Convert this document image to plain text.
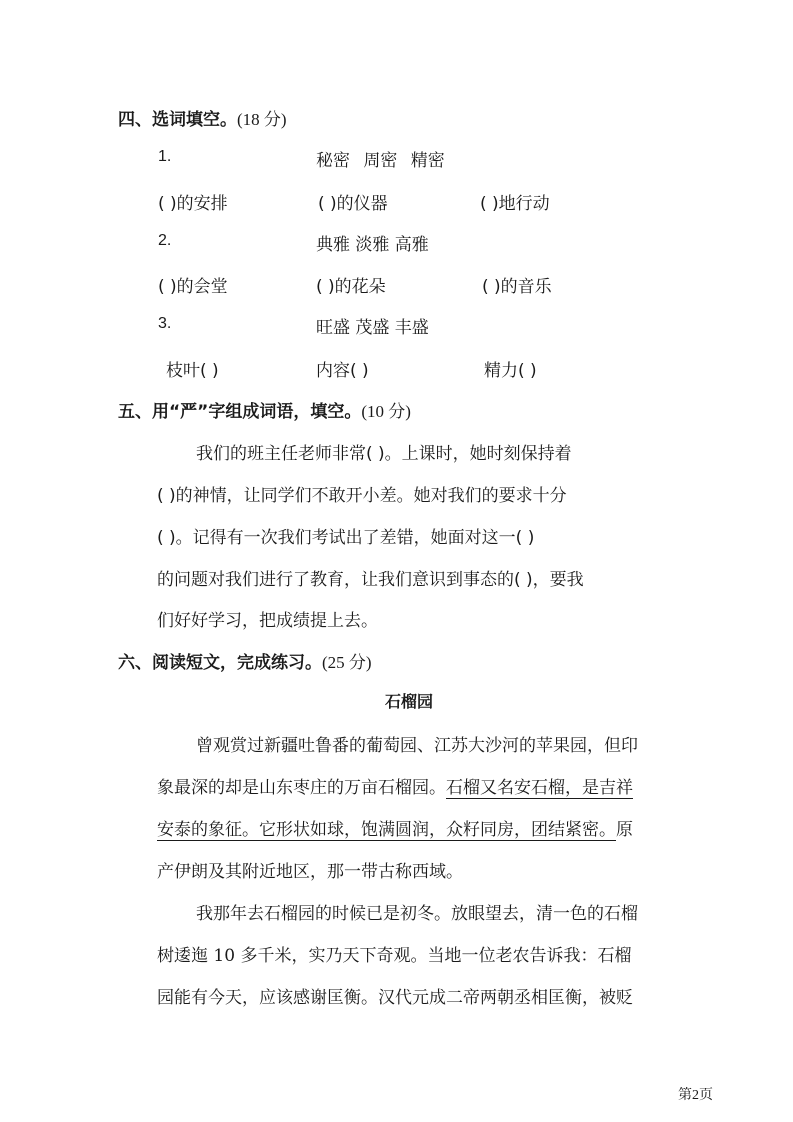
四、选词填空。(18 分)
1.	秘密 周密 精密
( )的安排	( )的仪器	( )地行动
2.	典雅 淡雅 高雅
( )的会堂	( )的花朵	( )的音乐
3.	旺盛 茂盛 丰盛
枝叶( )	内容( )	精力( )
五、用“严”字组成词语，填空。(10 分)
我们的班主任老师非常( )。上课时，她时刻保持着
( )的神情，让同学们不敢开小差。她对我们的要求十分
( )。记得有一次我们考试出了差错，她面对这一( )
的问题对我们进行了教育，让我们意识到事态的( )，要我
们好好学习，把成绩提上去。
六、阅读短文，完成练习。(25 分)
石榴园
曾观赏过新疆吐鲁番的葡萄园、江苏大沙河的苹果园，但印
象最深的却是山东枣庄的万亩石榴园。石榴又名安石榴，是吉祥
安泰的象征。它形状如球，饱满圆润，众籽同房，团结紧密。原
产伊朗及其附近地区，那一带古称西域。
我那年去石榴园的时候已是初冬。放眼望去，清一色的石榴
树逶迤 10 多千米，实乃天下奇观。当地一位老农告诉我：石榴
园能有今天，应该感谢匡衡。汉代元成二帝两朝丞相匡衡，被贬
第2页
